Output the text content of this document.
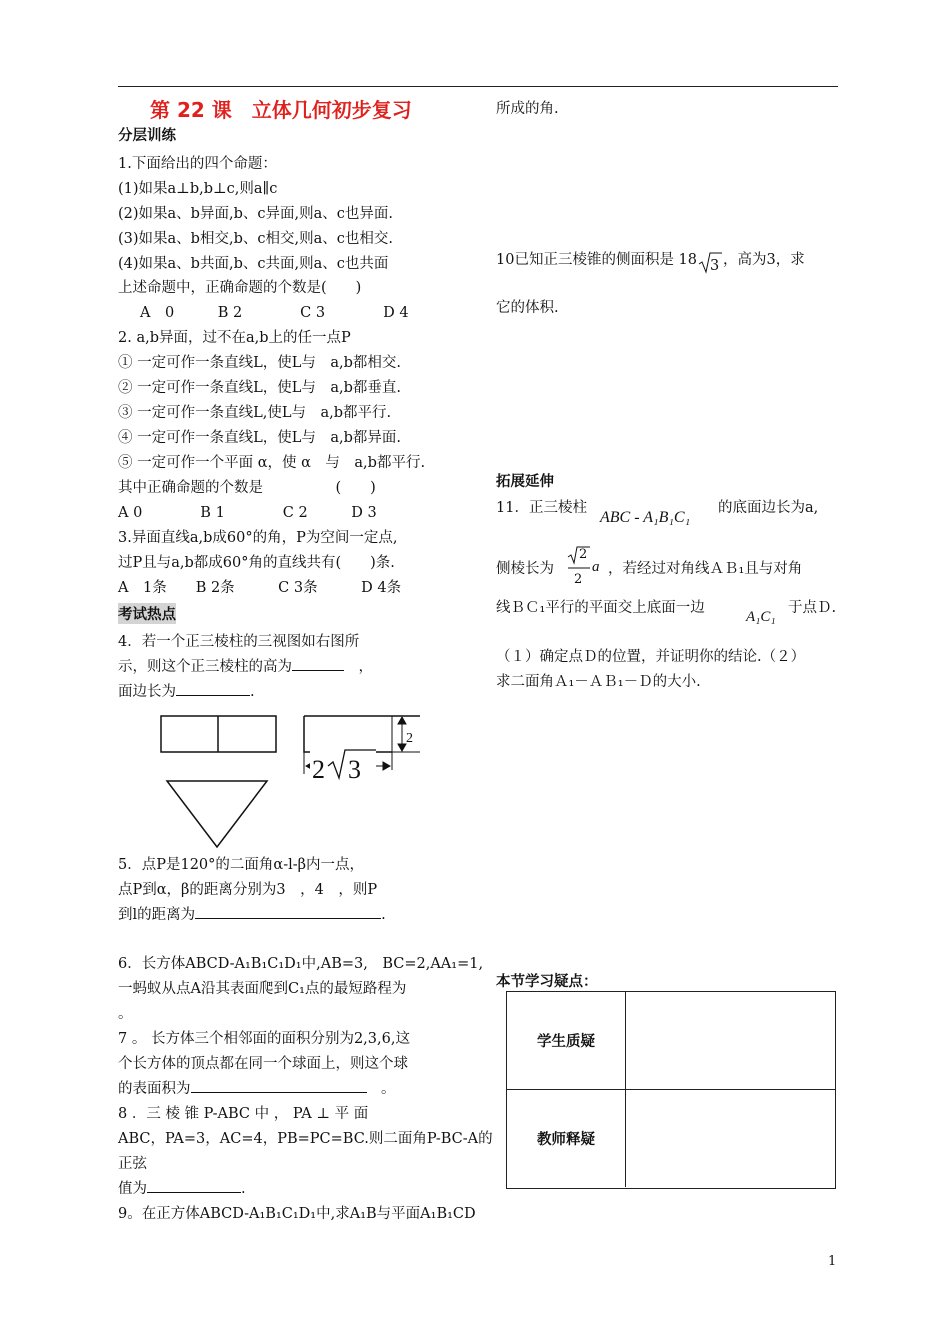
第 22 课　立体几何初步复习
分层训练
1.下面给出的四个命题：
(1)如果a⊥b,b⊥c,则a∥c
(2)如果a、b异面,b、c异面,则a、c也异面.
(3)如果a、b相交,b、c相交,则a、c也相交.
(4)如果a、b共面,b、c共面,则a、c也共面
上述命题中，正确命题的个数是(　　)
A　0　　　B 2　　　　C 3　　　　D 4
2. a,b异面，过不在a,b上的任一点P
① 一定可作一条直线L，使L与　a,b都相交.
② 一定可作一条直线L，使L与　a,b都垂直.
③ 一定可作一条直线L,使L与　a,b都平行.
④ 一定可作一条直线L，使L与　a,b都异面.
⑤ 一定可作一个平面 α，使 α　与　a,b都平行.
其中正确命题的个数是　　　　　(　　)
A 0　　　　B 1　　　　C 2　　　D 3
3.异面直线a,b成60°的角，P为空间一定点,
过P且与a,b都成60°角的直线共有(　　)条.
A　1条　　B 2条　　　C 3条　　　D 4条
考试热点
4．若一个正三棱柱的三视图如右图所
示，则这个正三棱柱的高为	　，
面边长为	.
2
2 3
5．点P是120°的二面角α-l-β内一点，
点P到α，β的距离分别为3　，4　，则P
到l的距离为	.
6．长方体ABCD-A₁B₁C₁D₁中,AB=3,　BC=2,AA₁=1,
一蚂蚁从点A沿其表面爬到C₁点的最短路程为
。
7 。 长方体三个相邻面的面积分别为2,3,6,这
个长方体的顶点都在同一个球面上，则这个球
的表面积为	　。
8 ．三 棱 锥 P-ABC 中 ， PA ⊥ 平 面
ABC，PA=3，AC=4，PB=PC=BC.则二面角P-BC-A的
正弦
值为	.
9。在正方体ABCD-A₁B₁C₁D₁中,求A₁B与平面A₁B₁CD
所成的角.
10已知正三棱锥的侧面积是 18 3 ，高为3，求
它的体积.
拓展延伸
11．正三棱柱
ABC - A₁B₁C₁
的底面边长为a,
侧棱长为
2
2
a ，若经过对角线ＡＢ₁且与对角
线ＢＣ₁平行的平面交上底面一边
A₁C₁
于点Ｄ.
（１）确定点Ｄ的位置，并证明你的结论.（２）
求二面角Ａ₁－ＡＢ₁－Ｄ的大小.
本节学习疑点：
学生质疑
教师释疑
1
